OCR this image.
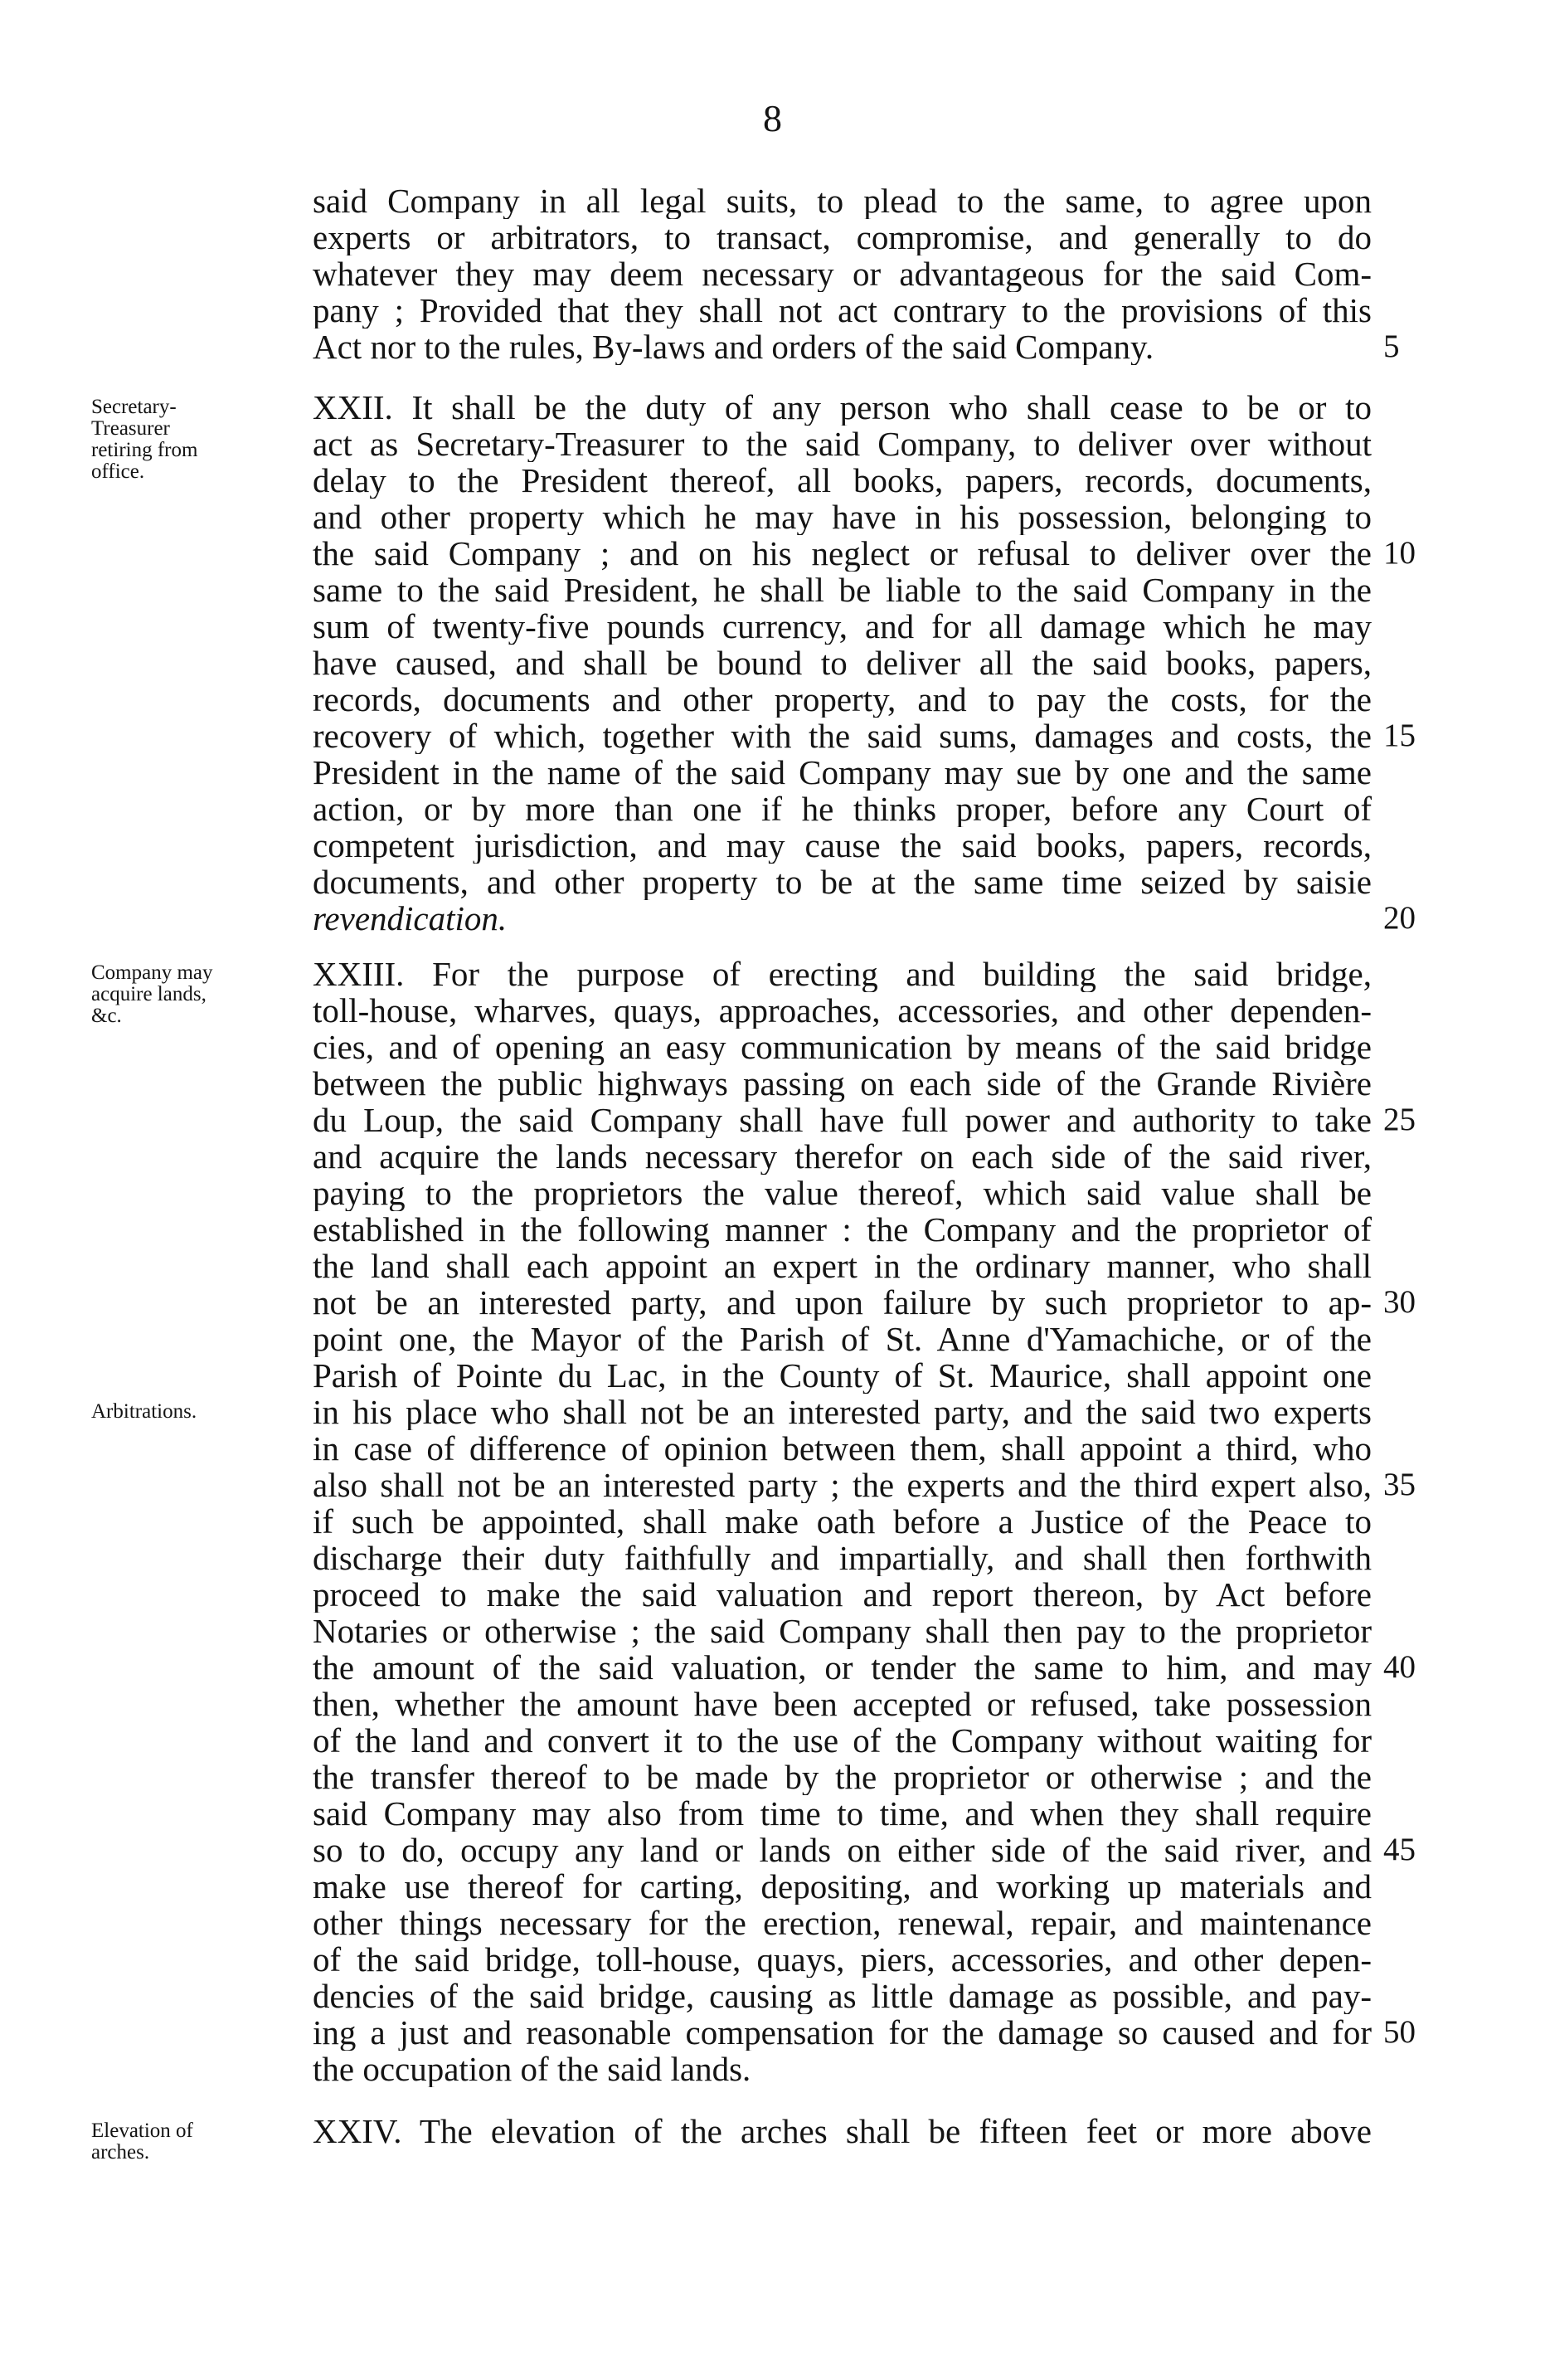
8
said Company in all legal suits, to plead to the same, to agree upon
experts or arbitrators, to transact, compromise, and generally to do
whatever they may deem necessary or advantageous for the said Com-
pany ; Provided that they shall not act contrary to the provisions of this
Act nor to the rules, By-laws and orders of the said Company.
XXII. It shall be the duty of any person who shall cease to be or to
act as Secretary-Treasurer to the said Company, to deliver over without
delay to the President thereof, all books, papers, records, documents,
and other property which he may have in his possession, belonging to
the said Company ; and on his neglect or refusal to deliver over the
same to the said President, he shall be liable to the said Company in the
sum of twenty-five pounds currency, and for all damage which he may
have caused, and shall be bound to deliver all the said books, papers,
records, documents and other property, and to pay the costs, for the
recovery of which, together with the said sums, damages and costs, the
President in the name of the said Company may sue by one and the same
action, or by more than one if he thinks proper, before any Court of
competent jurisdiction, and may cause the said books, papers, records,
documents, and other property to be at the same time seized by saisie
revendication.
XXIII. For the purpose of erecting and building the said bridge,
toll-house, wharves, quays, approaches, accessories, and other dependen-
cies, and of opening an easy communication by means of the said bridge
between the public highways passing on each side of the Grande Rivière
du Loup, the said Company shall have full power and authority to take
and acquire the lands necessary therefor on each side of the said river,
paying to the proprietors the value thereof, which said value shall be
established in the following manner : the Company and the proprietor of
the land shall each appoint an expert in the ordinary manner, who shall
not be an interested party, and upon failure by such proprietor to ap-
point one, the Mayor of the Parish of St. Anne d'Yamachiche, or of the
Parish of Pointe du Lac, in the County of St. Maurice, shall appoint one
in his place who shall not be an interested party, and the said two experts
in case of difference of opinion between them, shall appoint a third, who
also shall not be an interested party ; the experts and the third expert also,
if such be appointed, shall make oath before a Justice of the Peace to
discharge their duty faithfully and impartially, and shall then forthwith
proceed to make the said valuation and report thereon, by Act before
Notaries or otherwise ; the said Company shall then pay to the proprietor
the amount of the said valuation, or tender the same to him, and may
then, whether the amount have been accepted or refused, take possession
of the land and convert it to the use of the Company without waiting for
the transfer thereof to be made by the proprietor or otherwise ; and the
said Company may also from time to time, and when they shall require
so to do, occupy any land or lands on either side of the said river, and
make use thereof for carting, depositing, and working up materials and
other things necessary for the erection, renewal, repair, and maintenance
of the said bridge, toll-house, quays, piers, accessories, and other depen-
dencies of the said bridge, causing as little damage as possible, and pay-
ing a just and reasonable compensation for the damage so caused and for
the occupation of the said lands.
XXIV. The elevation of the arches shall be fifteen feet or more above
5
10
15
20
25
30
35
40
45
50
Secretary-
Treasurer
retiring from
office.
Company may
acquire lands,
&c.
Arbitrations.
Elevation of
arches.
